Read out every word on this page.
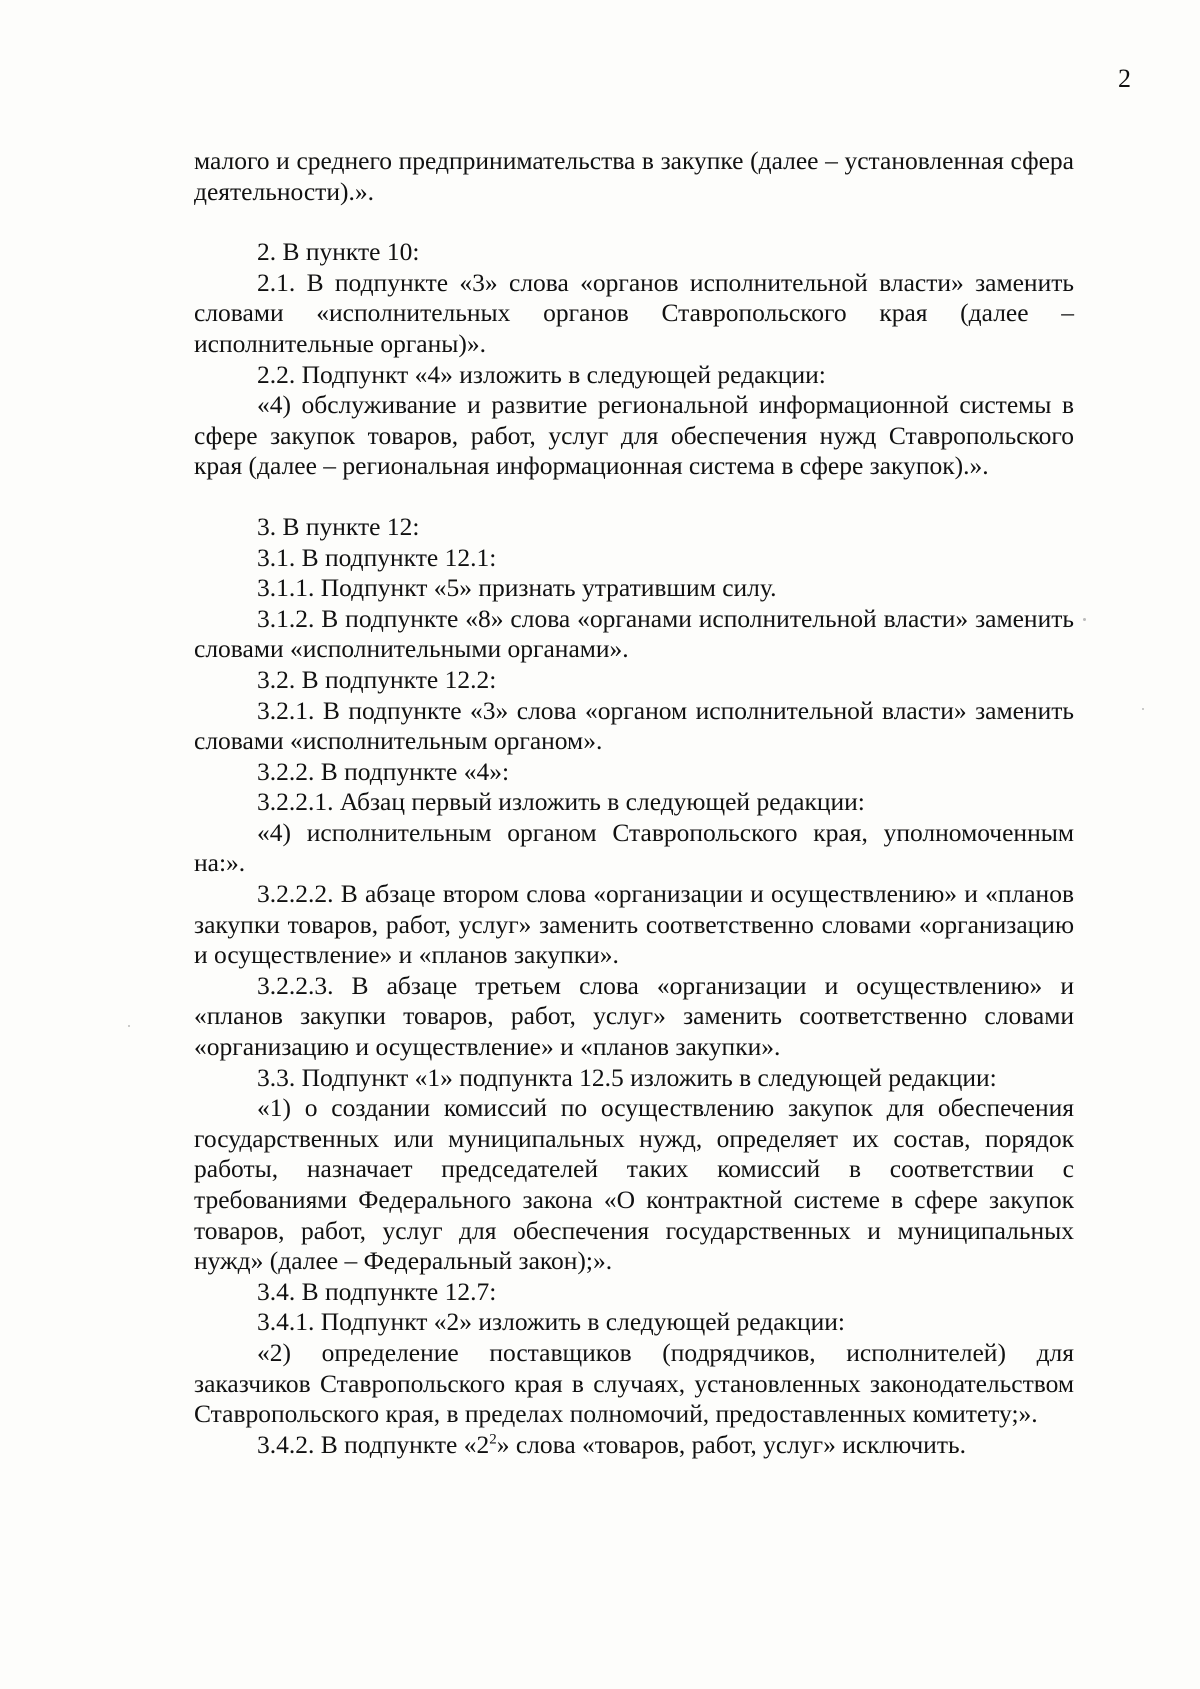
2

малого и среднего предпринимательства в закупке (далее – установленная сфера деятельности).».

2. В пункте 10:

2.1. В подпункте «3» слова «органов исполнительной власти» заменить словами «исполнительных органов Ставропольского края (далее – исполнительные органы)».

2.2. Подпункт «4» изложить в следующей редакции:

«4) обслуживание и развитие региональной информационной системы в сфере закупок товаров, работ, услуг для обеспечения нужд Ставропольского края (далее – региональная информационная система в сфере закупок).».

3. В пункте 12:

3.1. В подпункте 12.1:

3.1.1. Подпункт «5» признать утратившим силу.

3.1.2. В подпункте «8» слова «органами исполнительной власти» заменить словами «исполнительными органами».

3.2. В подпункте 12.2:

3.2.1. В подпункте «3» слова «органом исполнительной власти» заменить словами «исполнительным органом».

3.2.2. В подпункте «4»:

3.2.2.1. Абзац первый изложить в следующей редакции:

«4) исполнительным органом Ставропольского края, уполномоченным на:».

3.2.2.2. В абзаце втором слова «организации и осуществлению» и «планов закупки товаров, работ, услуг» заменить соответственно словами «организацию и осуществление» и «планов закупки».

3.2.2.3. В абзаце третьем слова «организации и осуществлению» и «планов закупки товаров, работ, услуг» заменить соответственно словами «организацию и осуществление» и «планов закупки».

3.3. Подпункт «1» подпункта 12.5 изложить в следующей редакции:

«1) о создании комиссий по осуществлению закупок для обеспечения государственных или муниципальных нужд, определяет их состав, порядок работы, назначает председателей таких комиссий в соответствии с требованиями Федерального закона «О контрактной системе в сфере закупок товаров, работ, услуг для обеспечения государственных и муниципальных нужд» (далее – Федеральный закон);».

3.4. В подпункте 12.7:

3.4.1. Подпункт «2» изложить в следующей редакции:

«2) определение поставщиков (подрядчиков, исполнителей) для заказчиков Ставропольского края в случаях, установленных законодательством Ставропольского края, в пределах полномочий, предоставленных комитету;».

3.4.2. В подпункте «$2^2$» слова «товаров, работ, услуг» исключить.
